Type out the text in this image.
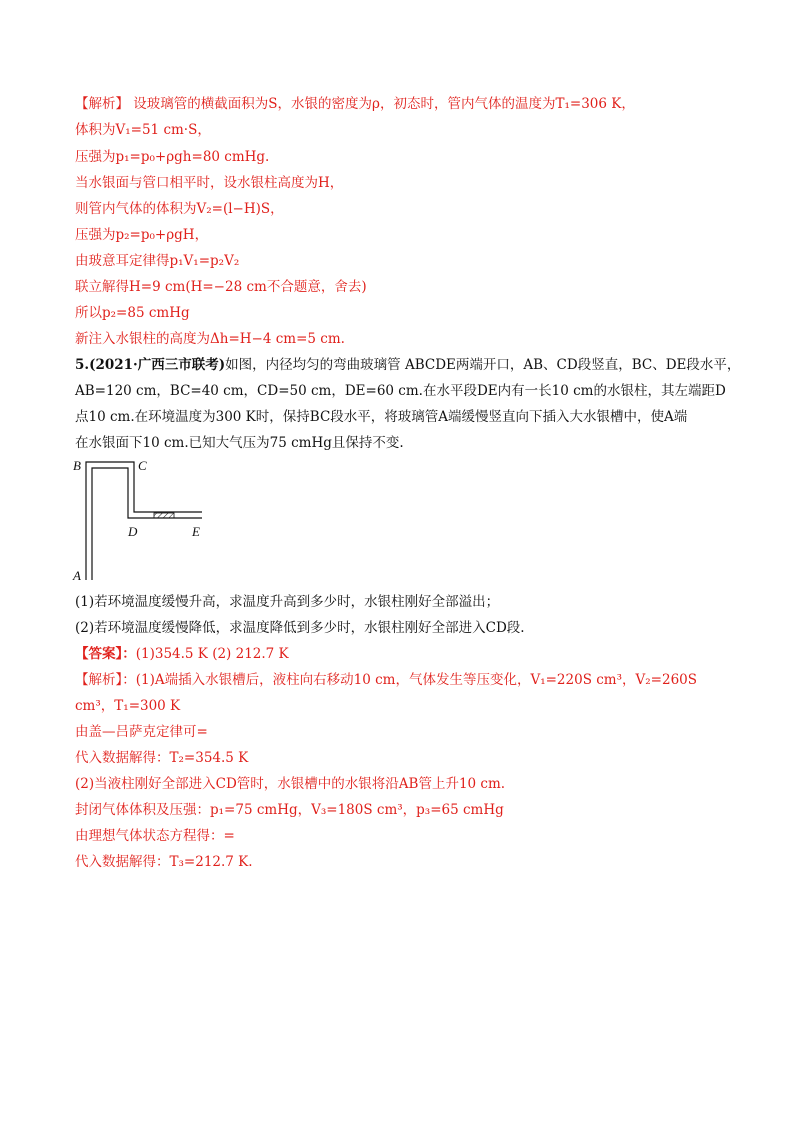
【解析】 设玻璃管的横截面积为S，水银的密度为ρ，初态时，管内气体的温度为T₁=306 K，
体积为V₁=51 cm·S，
压强为p₁=p₀+ρgh=80 cmHg.
当水银面与管口相平时，设水银柱高度为H，
则管内气体的体积为V₂=(l−H)S，
压强为p₂=p₀+ρgH，
由玻意耳定律得p₁V₁=p₂V₂
联立解得H=9 cm(H=−28 cm不合题意，舍去)
所以p₂=85 cmHg
新注入水银柱的高度为Δh=H−4 cm=5 cm.
5.(2021·广西三市联考)如图，内径均匀的弯曲玻璃管 ABCDE两端开口，AB、CD段竖直，BC、DE段水平，
AB=120 cm，BC=40 cm，CD=50 cm，DE=60 cm.在水平段DE内有一长10 cm的水银柱，其左端距D
点10 cm.在环境温度为300 K时，保持BC段水平，将玻璃管A端缓慢竖直向下插入大水银槽中，使A端
在水银面下10 cm.已知大气压为75 cmHg且保持不变.
B	C
D	E
A
(1)若环境温度缓慢升高，求温度升高到多少时，水银柱刚好全部溢出；
(2)若环境温度缓慢降低，求温度降低到多少时，水银柱刚好全部进入CD段.
【答案】：(1)354.5 K (2) 212.7 K
【解析】：(1)A端插入水银槽后，液柱向右移动10 cm，气体发生等压变化，V₁=220S cm³，V₂=260S
cm³，T₁=300 K
由盖—吕萨克定律可=
代入数据解得：T₂=354.5 K
(2)当液柱刚好全部进入CD管时，水银槽中的水银将沿AB管上升10 cm.
封闭气体体积及压强：p₁=75 cmHg，V₃=180S cm³，p₃=65 cmHg
由理想气体状态方程得：=
代入数据解得：T₃=212.7 K.
